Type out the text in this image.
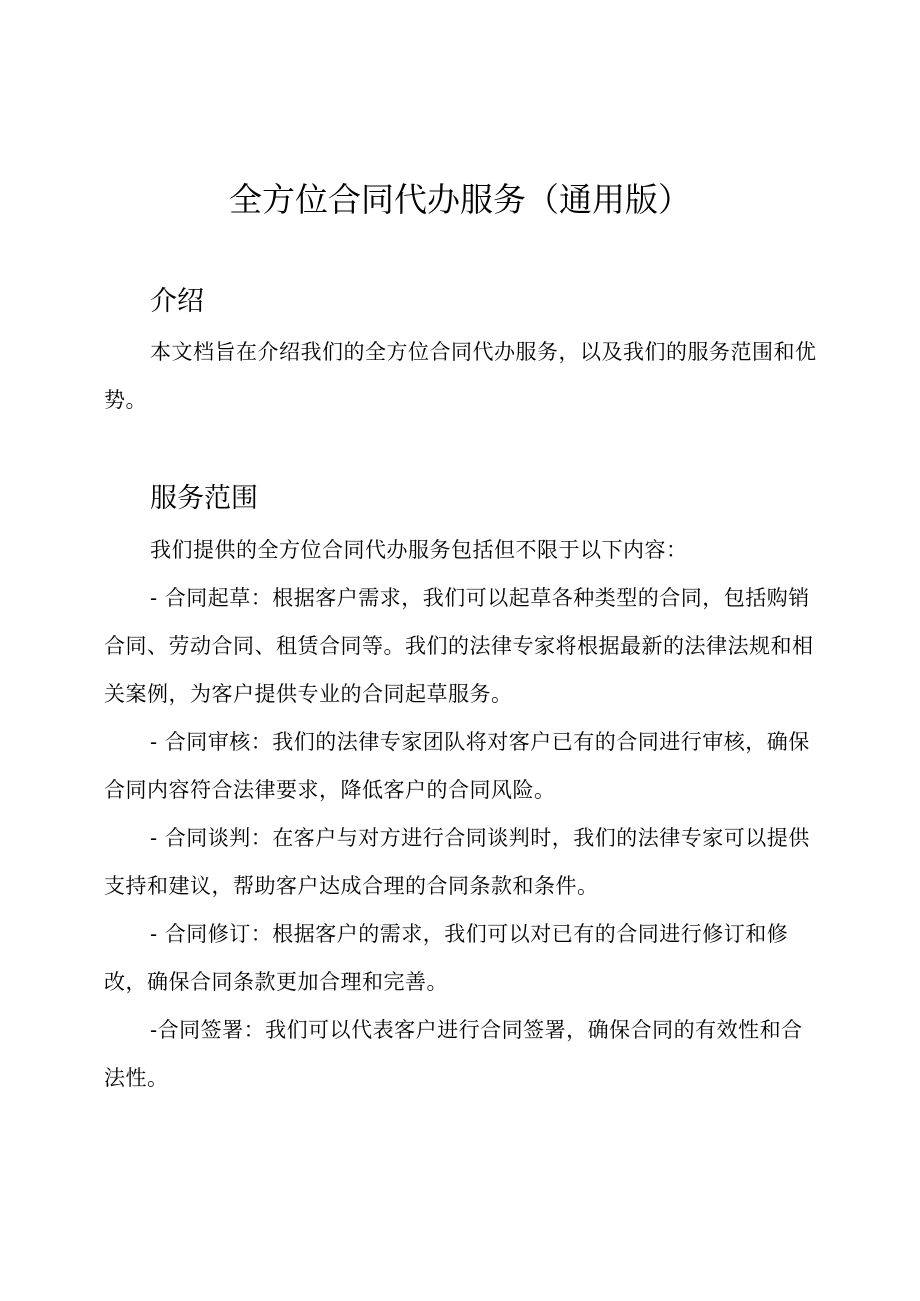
全方位合同代办服务（通用版）
介绍

本文档旨在介绍我们的全方位合同代办服务，以及我们的服务范围和优势。

服务范围

我们提供的全方位合同代办服务包括但不限于以下内容：

- 合同起草：根据客户需求，我们可以起草各种类型的合同，包括购销合同、劳动合同、租赁合同等。我们的法律专家将根据最新的法律法规和相关案例，为客户提供专业的合同起草服务。

- 合同审核：我们的法律专家团队将对客户已有的合同进行审核，确保合同内容符合法律要求，降低客户的合同风险。

- 合同谈判：在客户与对方进行合同谈判时，我们的法律专家可以提供支持和建议，帮助客户达成合理的合同条款和条件。

- 合同修订：根据客户的需求，我们可以对已有的合同进行修订和修改，确保合同条款更加合理和完善。

-合同签署：我们可以代表客户进行合同签署，确保合同的有效性和合法性。
